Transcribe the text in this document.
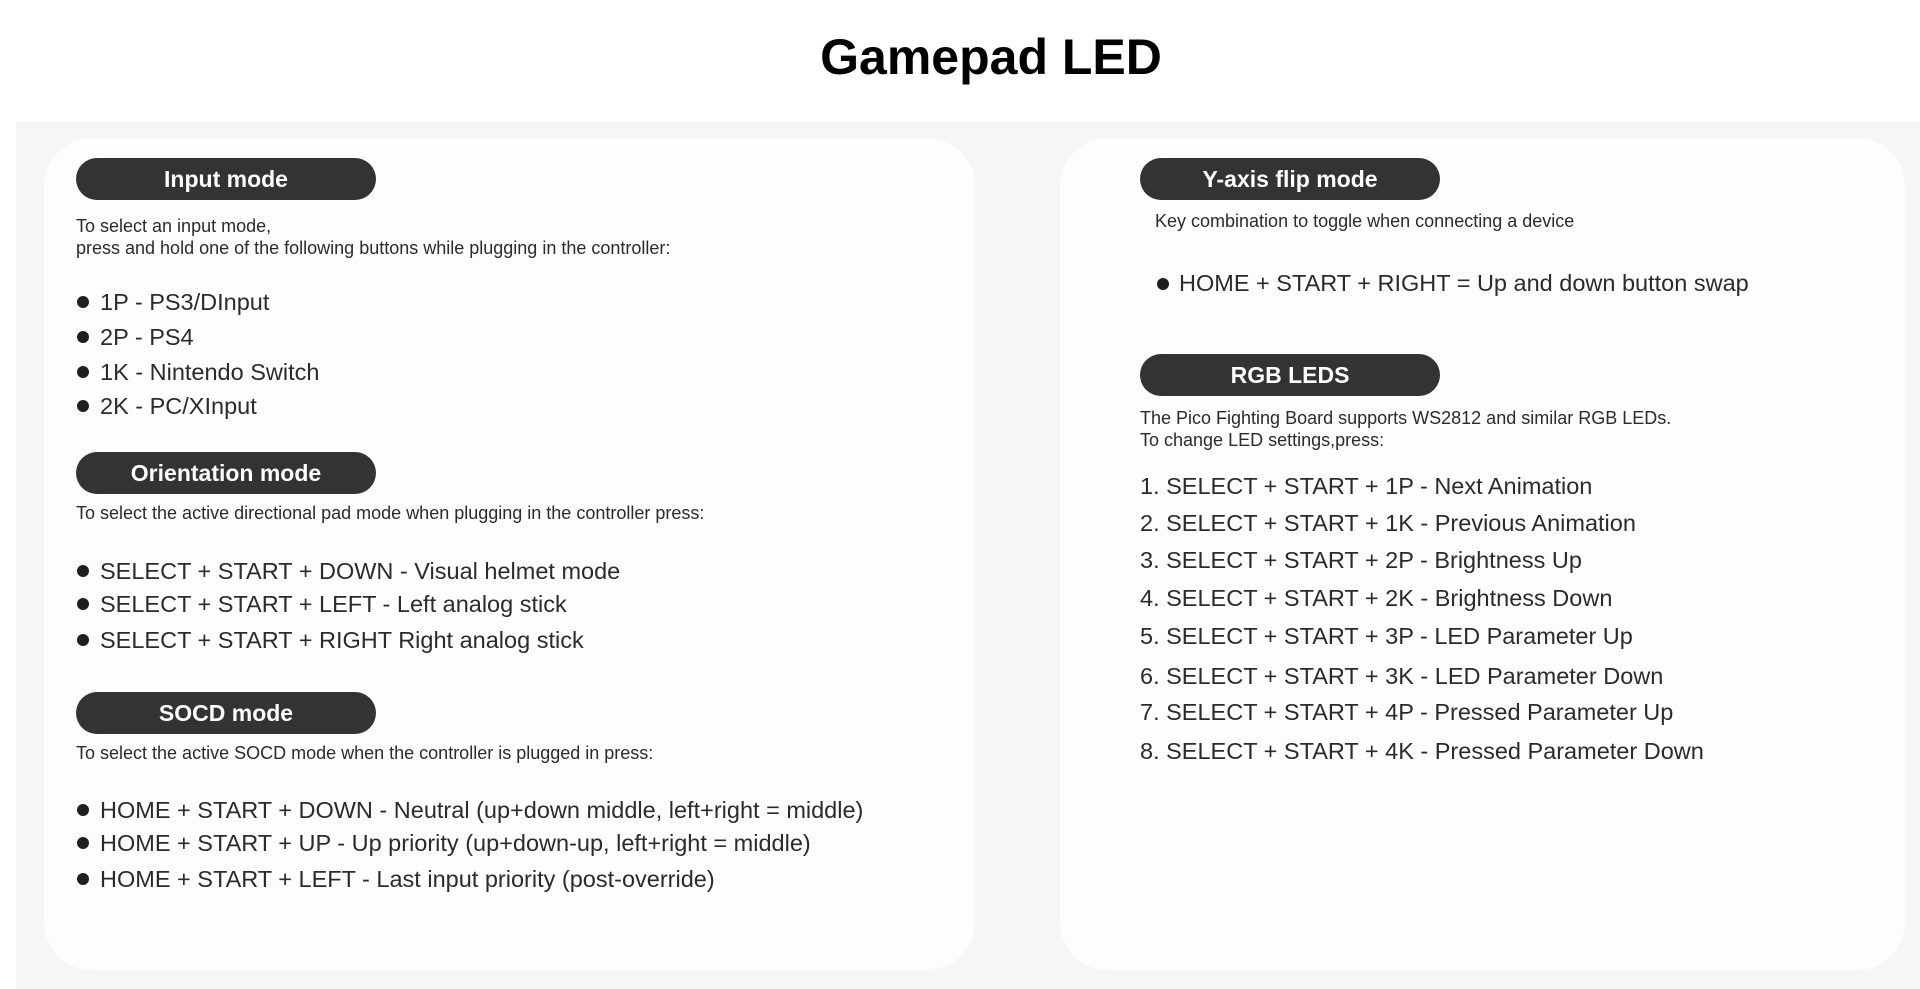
Gamepad LED
Input mode
To select an input mode,
press and hold one of the following buttons while plugging in the controller:
1P - PS3/DInput
2P - PS4
1K - Nintendo Switch
2K - PC/XInput
Orientation mode
To select the active directional pad mode when plugging in the controller press:
SELECT + START + DOWN - Visual helmet mode
SELECT + START + LEFT - Left analog stick
SELECT + START + RIGHT Right analog stick
SOCD mode
To select the active SOCD mode when the controller is plugged in press:
HOME + START + DOWN - Neutral (up+down middle, left+right = middle)
HOME + START + UP - Up priority (up+down-up, left+right = middle)
HOME + START + LEFT - Last input priority (post-override)
Y-axis flip mode
Key combination to toggle when connecting a device
HOME + START + RIGHT = Up and down button swap
RGB LEDS
The Pico Fighting Board supports WS2812 and similar RGB LEDs.
To change LED settings,press:
1. SELECT + START + 1P - Next Animation
2. SELECT + START + 1K - Previous Animation
3. SELECT + START + 2P - Brightness Up
4. SELECT + START + 2K - Brightness Down
5. SELECT + START + 3P - LED Parameter Up
6. SELECT + START + 3K - LED Parameter Down
7. SELECT + START + 4P - Pressed Parameter Up
8. SELECT + START + 4K - Pressed Parameter Down
